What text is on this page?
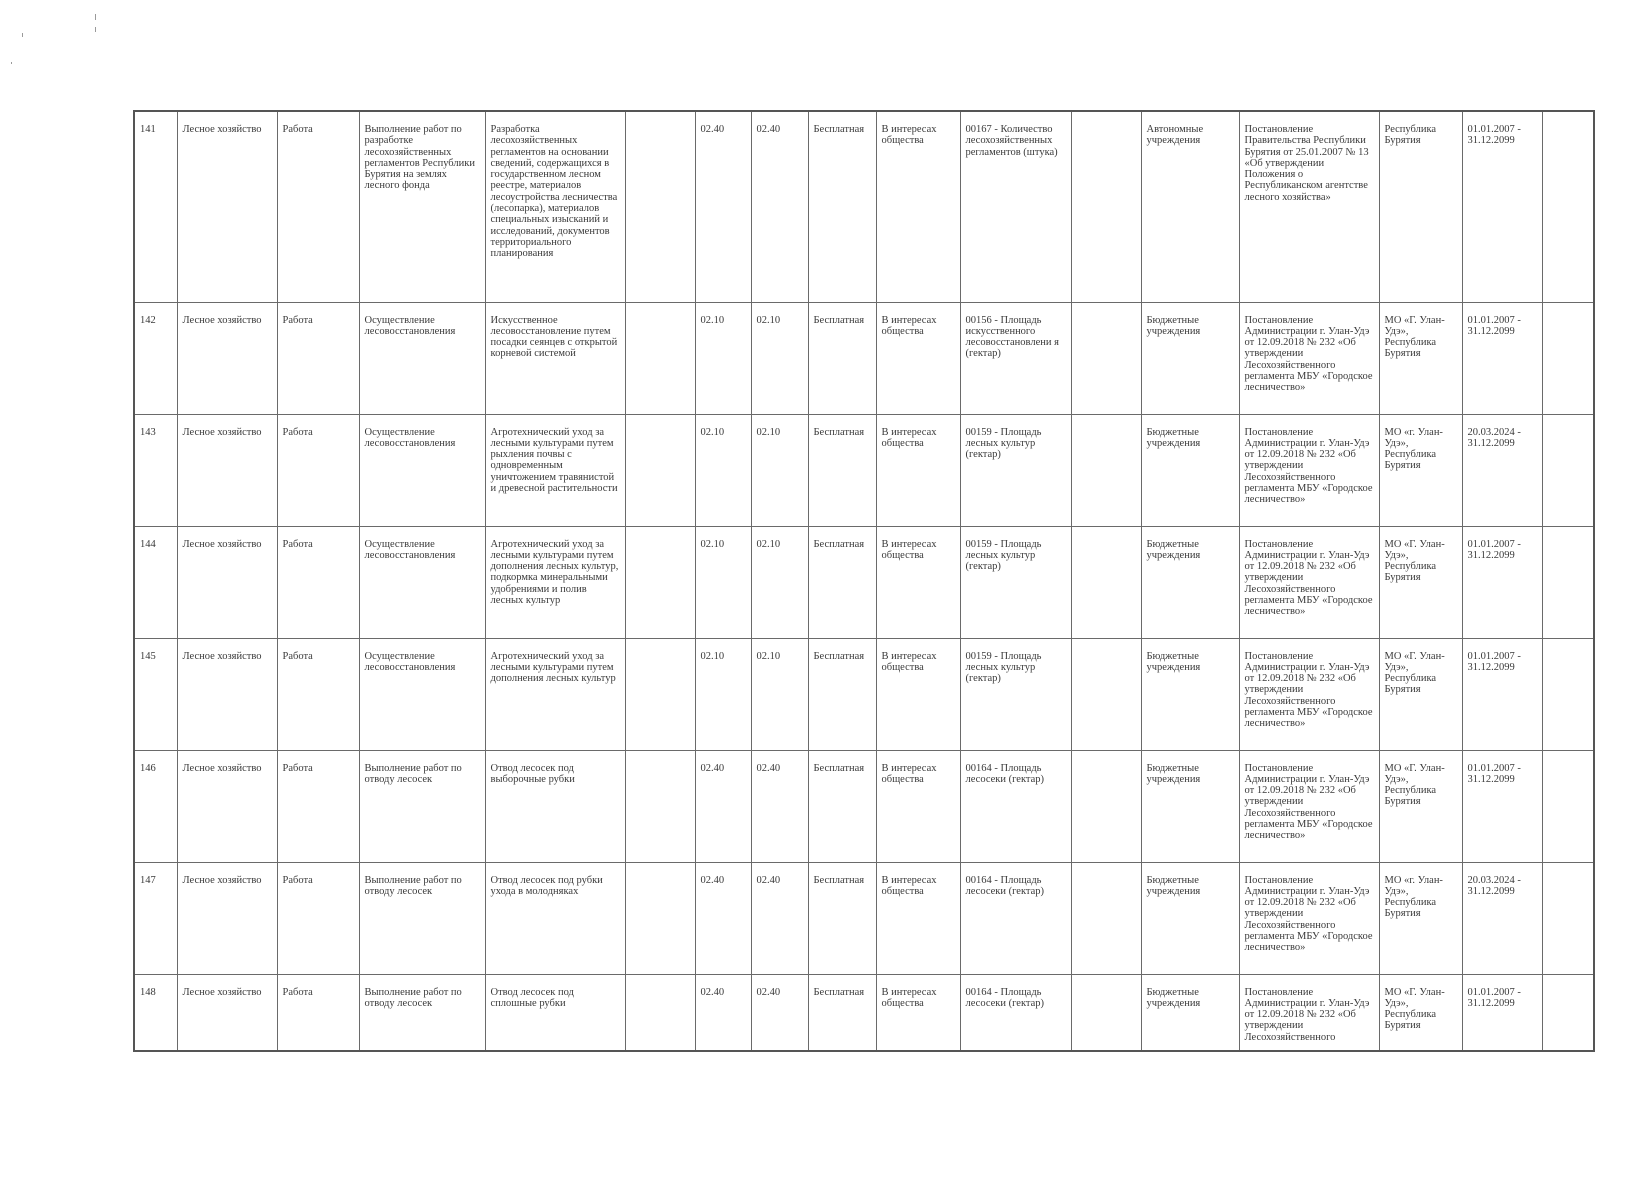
141	Лесное хозяйство	Работа	Выполнение работ по разработке лесохозяйственных регламентов Республики Бурятия на землях лесного фонда	Разработка лесохозяйственных регламентов на основании сведений, содержащихся в государственном лесном реестре, материалов лесоустройства лесничества (лесопарка), материалов специальных изысканий и исследований, документов территориального планирования		02.40	02.40	Бесплатная	В интересах общества	00167 - Количество лесохозяйственных регламентов (штука)		Автономные учреждения	Постановление Правительства Республики Бурятия от 25.01.2007 № 13 «Об утверждении Положения о Республиканском агентстве лесного хозяйства»	Республика Бурятия	01.01.2007 - 31.12.2099	
142	Лесное хозяйство	Работа	Осуществление лесовосстановления	Искусственное лесовосстановление путем посадки сеянцев с открытой корневой системой		02.10	02.10	Бесплатная	В интересах общества	00156 - Площадь искусственного лесовосстановлени я (гектар)		Бюджетные учреждения	Постановление Администрации г. Улан-Удэ от 12.09.2018 № 232 «Об утверждении Лесохозяйственного регламента МБУ «Городское лесничество»	МО «Г. Улан-Удэ», Республика Бурятия	01.01.2007 - 31.12.2099	
143	Лесное хозяйство	Работа	Осуществление лесовосстановления	Агротехнический уход за лесными культурами путем рыхления почвы с одновременным уничтожением травянистой и древесной растительности		02.10	02.10	Бесплатная	В интересах общества	00159 - Площадь лесных культур (гектар)		Бюджетные учреждения	Постановление Администрации г. Улан-Удэ от 12.09.2018 № 232 «Об утверждении Лесохозяйственного регламента МБУ «Городское лесничество»	МО «г. Улан-Удэ», Республика Бурятия	20.03.2024 - 31.12.2099	
144	Лесное хозяйство	Работа	Осуществление лесовосстановления	Агротехнический уход за лесными культурами путем дополнения лесных культур, подкормка минеральными удобрениями и полив лесных культур		02.10	02.10	Бесплатная	В интересах общества	00159 - Площадь лесных культур (гектар)		Бюджетные учреждения	Постановление Администрации г. Улан-Удэ от 12.09.2018 № 232 «Об утверждении Лесохозяйственного регламента МБУ «Городское лесничество»	МО «Г. Улан-Удэ», Республика Бурятия	01.01.2007 - 31.12.2099	
145	Лесное хозяйство	Работа	Осуществление лесовосстановления	Агротехнический уход за лесными культурами путем дополнения лесных культур		02.10	02.10	Бесплатная	В интересах общества	00159 - Площадь лесных культур (гектар)		Бюджетные учреждения	Постановление Администрации г. Улан-Удэ от 12.09.2018 № 232 «Об утверждении Лесохозяйственного регламента МБУ «Городское лесничество»	МО «Г. Улан-Удэ», Республика Бурятия	01.01.2007 - 31.12.2099	
146	Лесное хозяйство	Работа	Выполнение работ по отводу лесосек	Отвод лесосек под выборочные рубки		02.40	02.40	Бесплатная	В интересах общества	00164 - Площадь лесосеки (гектар)		Бюджетные учреждения	Постановление Администрации г. Улан-Удэ от 12.09.2018 № 232 «Об утверждении Лесохозяйственного регламента МБУ «Городское лесничество»	МО «Г. Улан-Удэ», Республика Бурятия	01.01.2007 - 31.12.2099	
147	Лесное хозяйство	Работа	Выполнение работ по отводу лесосек	Отвод лесосек под рубки ухода в молодняках		02.40	02.40	Бесплатная	В интересах общества	00164 - Площадь лесосеки (гектар)		Бюджетные учреждения	Постановление Администрации г. Улан-Удэ от 12.09.2018 № 232 «Об утверждении Лесохозяйственного регламента МБУ «Городское лесничество»	МО «г. Улан-Удэ», Республика Бурятия	20.03.2024 - 31.12.2099	
148	Лесное хозяйство	Работа	Выполнение работ по отводу лесосек	Отвод лесосек под сплошные рубки		02.40	02.40	Бесплатная	В интересах общества	00164 - Площадь лесосеки (гектар)		Бюджетные учреждения	Постановление Администрации г. Улан-Удэ от 12.09.2018 № 232 «Об утверждении Лесохозяйственного	МО «Г. Улан-Удэ», Республика Бурятия	01.01.2007 - 31.12.2099	
